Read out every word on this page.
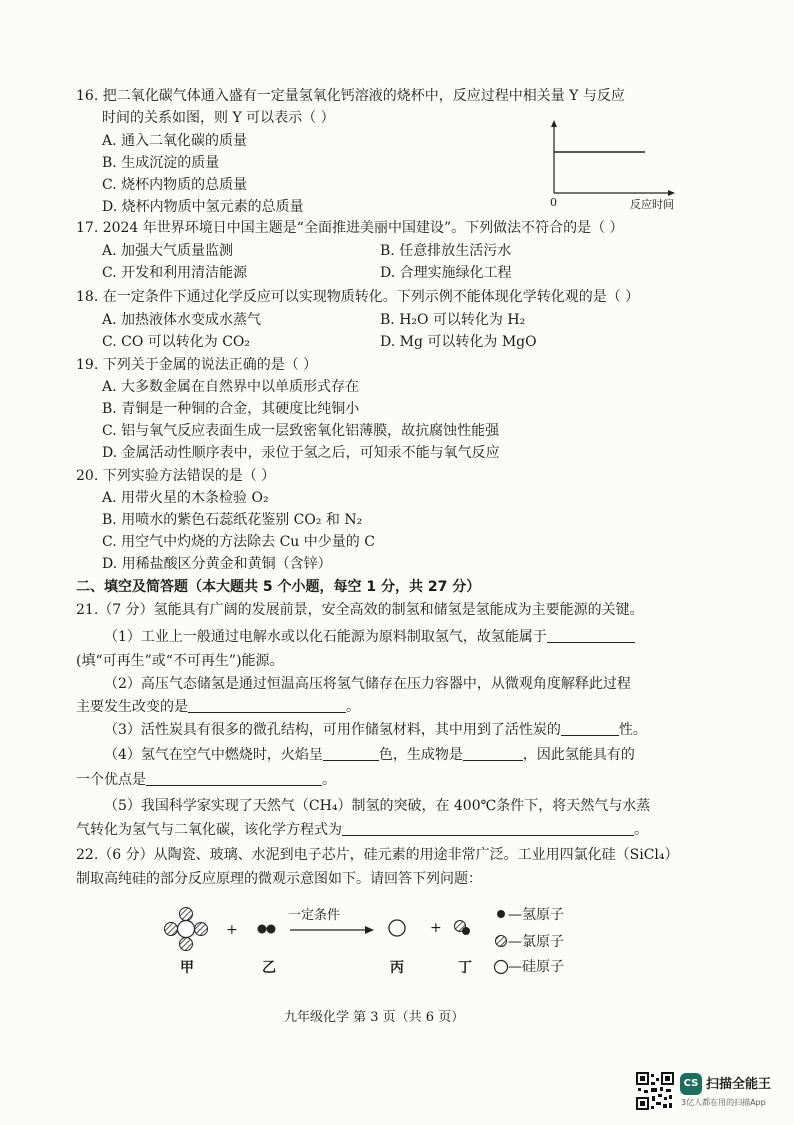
16. 把二氧化碳气体通入盛有一定量氢氧化钙溶液的烧杯中，反应过程中相关量 Y 与反应
时间的关系如图，则 Y 可以表示（ ）
A. 通入二氧化碳的质量
B. 生成沉淀的质量
C. 烧杯内物质的总质量
D. 烧杯内物质中氢元素的总质量	0	反应时间
17. 2024 年世界环境日中国主题是“全面推进美丽中国建设”。下列做法不符合的是（ ）
A. 加强大气质量监测	B. 任意排放生活污水
C. 开发和利用清洁能源	D. 合理实施绿化工程
18. 在一定条件下通过化学反应可以实现物质转化。下列示例不能体现化学转化观的是（ ）
A. 加热液体水变成水蒸气	B. H₂O 可以转化为 H₂
C. CO 可以转化为 CO₂	D. Mg 可以转化为 MgO
19. 下列关于金属的说法正确的是（ ）
A. 大多数金属在自然界中以单质形式存在
B. 青铜是一种铜的合金，其硬度比纯铜小
C. 铝与氧气反应表面生成一层致密氧化铝薄膜，故抗腐蚀性能强
D. 金属活动性顺序表中，汞位于氢之后，可知汞不能与氧气反应
20. 下列实验方法错误的是（ ）
A. 用带火星的木条检验 O₂
B. 用喷水的紫色石蕊纸花鉴别 CO₂ 和 N₂
C. 用空气中灼烧的方法除去 Cu 中少量的 C
D. 用稀盐酸区分黄金和黄铜（含锌）
二、填空及简答题（本大题共 5 个小题，每空 1 分，共 27 分）
21.（7 分）氢能具有广阔的发展前景，安全高效的制氢和储氢是氢能成为主要能源的关键。
（1）工业上一般通过电解水或以化石能源为原料制取氢气，故氢能属于
(填“可再生”或“不可再生”)能源。
（2）高压气态储氢是通过恒温高压将氢气储存在压力容器中，从微观角度解释此过程
主要发生改变的是	。
（3）活性炭具有很多的微孔结构，可用作储氢材料，其中用到了活性炭的	性。
（4）氢气在空气中燃烧时，火焰呈	色，生成物是	，因此氢能具有的
一个优点是	。
（5）我国科学家实现了天然气（CH₄）制氢的突破，在 400℃条件下，将天然气与水蒸
气转化为氢气与二氧化碳，该化学方程式为	。
22.（6 分）从陶瓷、玻璃、水泥到电子芯片，硅元素的用途非常广泛。工业用四氯化硅（SiCl₄）
制取高纯硅的部分反应原理的微观示意图如下。请回答下列问题：
一定条件
+	+
甲	乙	丙	丁
—氢原子
—氯原子
—硅原子
九年级化学 第 3 页（共 6 页）
CS 扫描全能王
3亿人都在用的扫描App
